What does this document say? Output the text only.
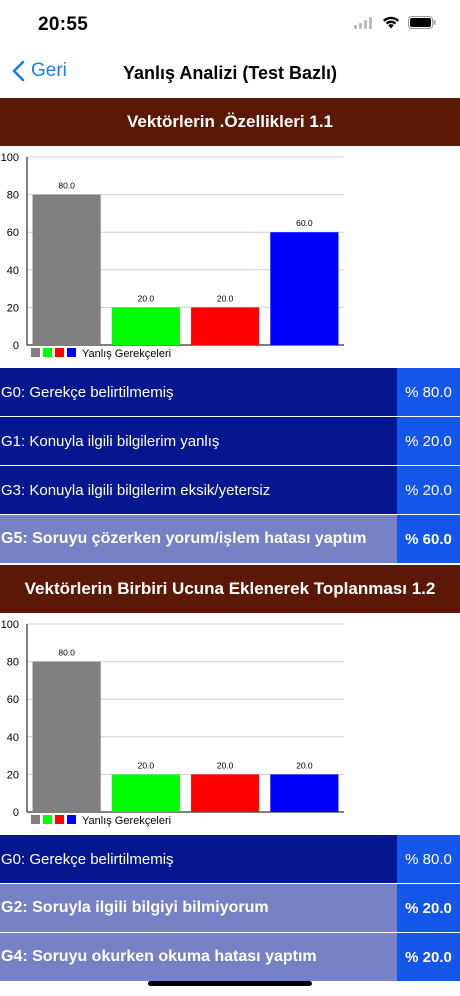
20:55
Geri	Yanlış Analizi (Test Bazlı)
Vektörlerin .Özellikleri 1.1
0
20
40
60
80
100
80.0
20.0	20.0
60.0
Yanlış Gerekçeleri
G0: Gerekçe belirtilmemiş	% 80.0
G1: Konuyla ilgili bilgilerim yanlış	% 20.0
G3: Konuyla ilgili bilgilerim eksik/yetersiz	% 20.0
G5: Soruyu çözerken yorum/işlem hatası yaptım	% 60.0
Vektörlerin Birbiri Ucuna Eklenerek Toplanması 1.2
0
20
40
60
80
100
80.0
20.0	20.0	20.0
Yanlış Gerekçeleri
G0: Gerekçe belirtilmemiş	% 80.0
G2: Soruyla ilgili bilgiyi bilmiyorum	% 20.0
G4: Soruyu okurken okuma hatası yaptım	% 20.0
